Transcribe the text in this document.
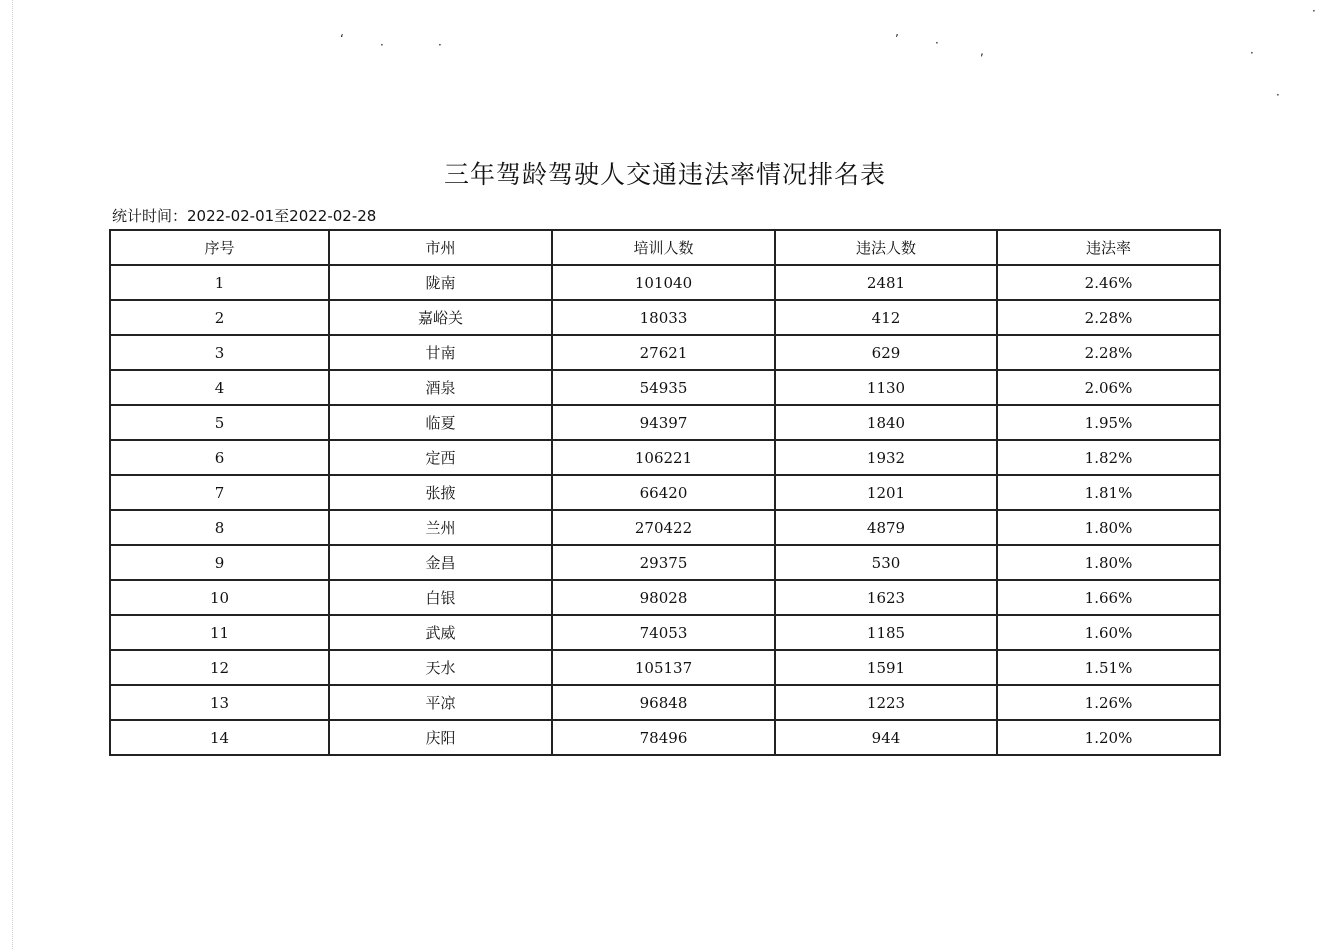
ʻ	·	·	ʼ	·
,	·
·
·
三年驾龄驾驶人交通违法率情况排名表
统计时间：2022-02-01至2022-02-28
序号	市州	培训人数	违法人数	违法率
1	陇南	101040	2481	2.46%
2	嘉峪关	18033	412	2.28%
3	甘南	27621	629	2.28%
4	酒泉	54935	1130	2.06%
5	临夏	94397	1840	1.95%
6	定西	106221	1932	1.82%
7	张掖	66420	1201	1.81%
8	兰州	270422	4879	1.80%
9	金昌	29375	530	1.80%
10	白银	98028	1623	1.66%
11	武威	74053	1185	1.60%
12	天水	105137	1591	1.51%
13	平凉	96848	1223	1.26%
14	庆阳	78496	944	1.20%
